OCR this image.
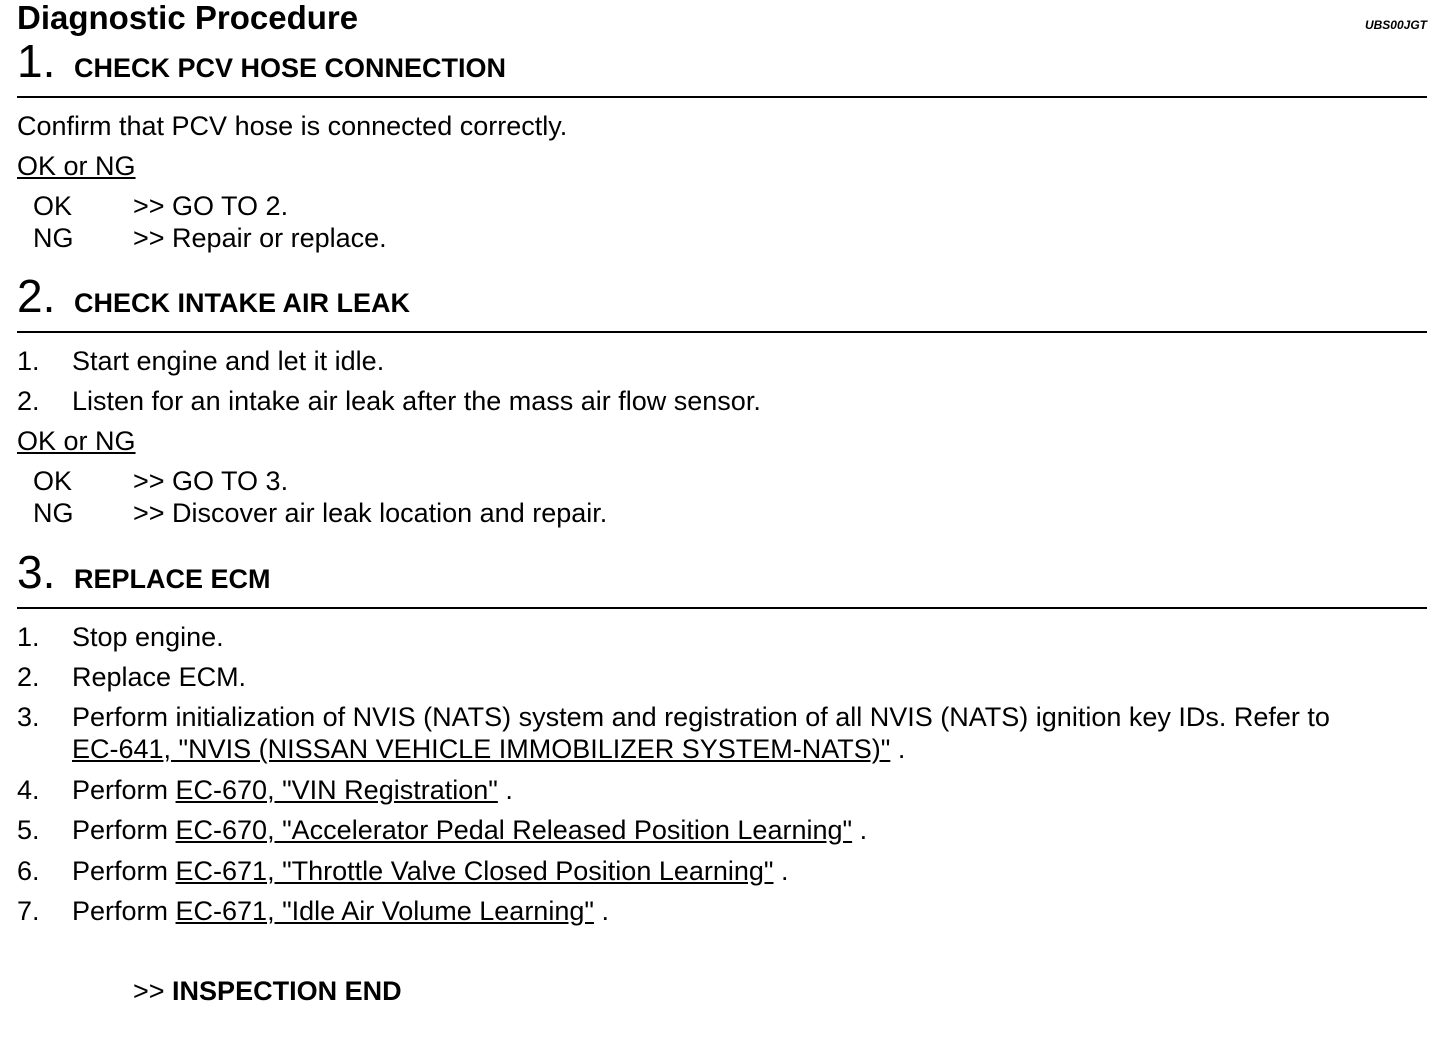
Diagnostic Procedure	UBS00JGT
1. CHECK PCV HOSE CONNECTION
Confirm that PCV hose is connected correctly.
OK or NG
OK >> GO TO 2.
NG >> Repair or replace.
2. CHECK INTAKE AIR LEAK
1. Start engine and let it idle.
2. Listen for an intake air leak after the mass air flow sensor.
OK or NG
OK >> GO TO 3.
NG >> Discover air leak location and repair.
3. REPLACE ECM
1. Stop engine.
2. Replace ECM.
3. Perform initialization of NVIS (NATS) system and registration of all NVIS (NATS) ignition key IDs. Refer to
EC-641, "NVIS (NISSAN VEHICLE IMMOBILIZER SYSTEM-NATS)" .
4. Perform EC-670, "VIN Registration" .
5. Perform EC-670, "Accelerator Pedal Released Position Learning" .
6. Perform EC-671, "Throttle Valve Closed Position Learning" .
7. Perform EC-671, "Idle Air Volume Learning" .
>> INSPECTION END
